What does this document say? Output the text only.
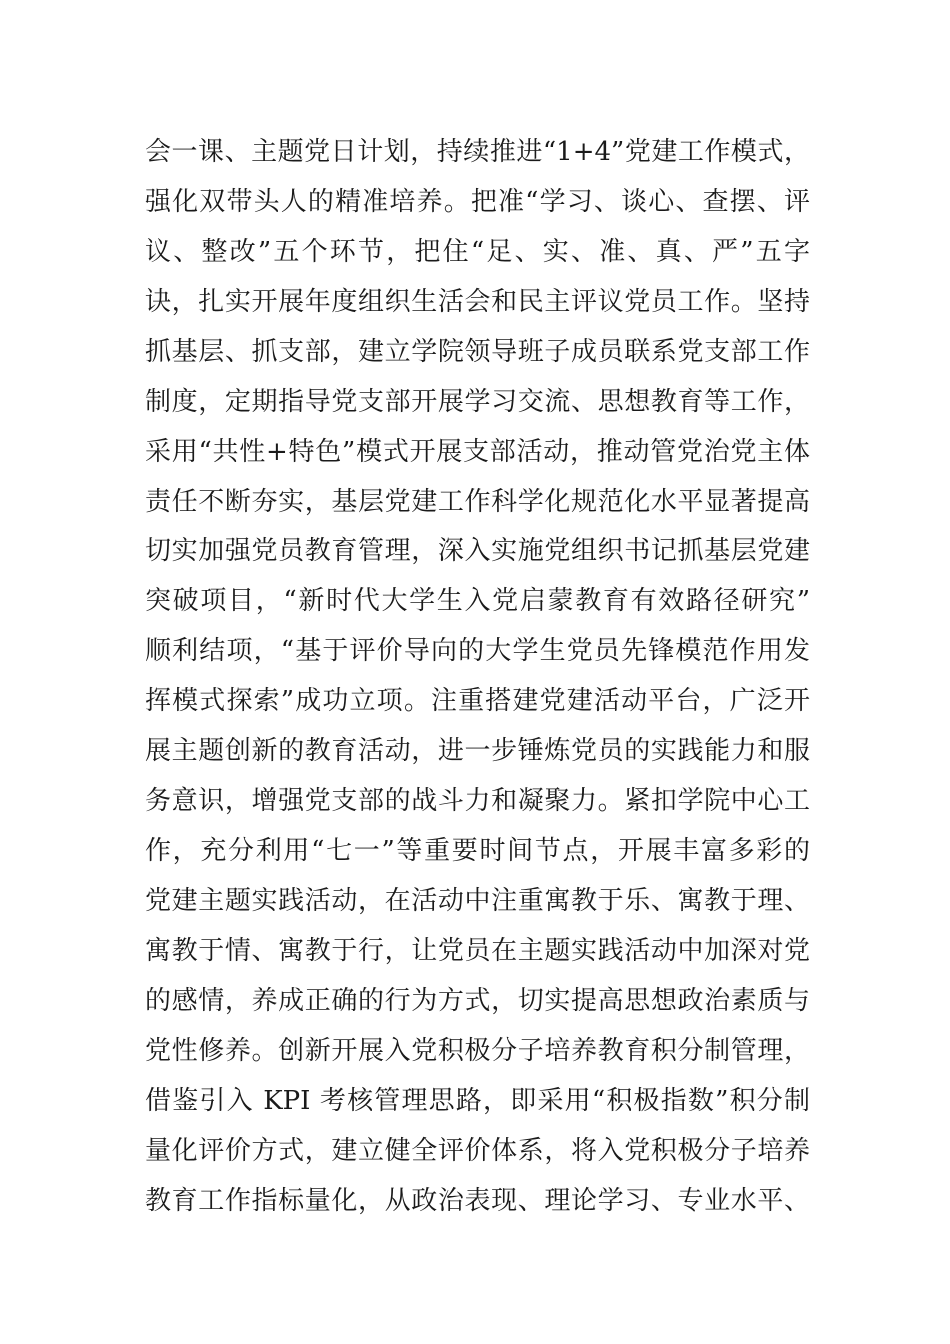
会一课、主题党日计划，持续推进“1+4”党建工作模式，
强化双带头人的精准培养。把准“学习、谈心、查摆、评
议、整改”五个环节，把住“足、实、准、真、严”五字
诀，扎实开展年度组织生活会和民主评议党员工作。坚持
抓基层、抓支部，建立学院领导班子成员联系党支部工作
制度，定期指导党支部开展学习交流、思想教育等工作，
采用“共性+特色”模式开展支部活动，推动管党治党主体
责任不断夯实，基层党建工作科学化规范化水平显著提高
切实加强党员教育管理，深入实施党组织书记抓基层党建
突破项目，“新时代大学生入党启蒙教育有效路径研究”
顺利结项，“基于评价导向的大学生党员先锋模范作用发
挥模式探索”成功立项。注重搭建党建活动平台，广泛开
展主题创新的教育活动，进一步锤炼党员的实践能力和服
务意识，增强党支部的战斗力和凝聚力。紧扣学院中心工
作，充分利用“七一”等重要时间节点，开展丰富多彩的
党建主题实践活动，在活动中注重寓教于乐、寓教于理、
寓教于情、寓教于行，让党员在主题实践活动中加深对党
的感情，养成正确的行为方式，切实提高思想政治素质与
党性修养。创新开展入党积极分子培养教育积分制管理，
借鉴引入 KPI 考核管理思路，即采用“积极指数”积分制
量化评价方式，建立健全评价体系，将入党积极分子培养
教育工作指标量化，从政治表现、理论学习、专业水平、
